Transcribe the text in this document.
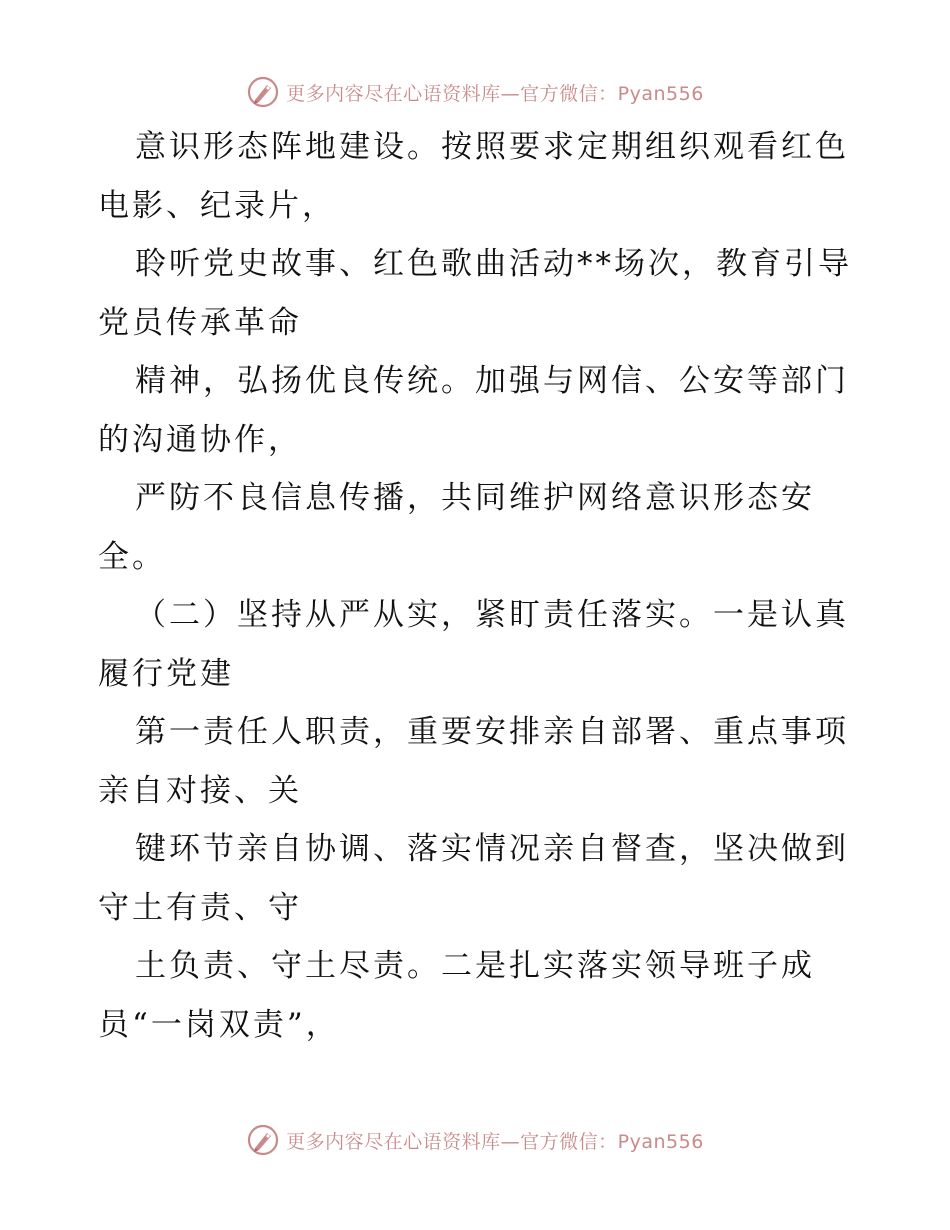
更多内容尽在心语资料库—官方微信：Pyan556
意识形态阵地建设。按照要求定期组织观看红色
电影、纪录片，
聆听党史故事、红色歌曲活动**场次，教育引导
党员传承革命
精神，弘扬优良传统。加强与网信、公安等部门
的沟通协作，
严防不良信息传播，共同维护网络意识形态安
全。
（二）坚持从严从实，紧盯责任落实。一是认真
履行党建
第一责任人职责，重要安排亲自部署、重点事项
亲自对接、关
键环节亲自协调、落实情况亲自督查，坚决做到
守土有责、守
土负责、守土尽责。二是扎实落实领导班子成
员“一岗双责”，
更多内容尽在心语资料库—官方微信：Pyan556
